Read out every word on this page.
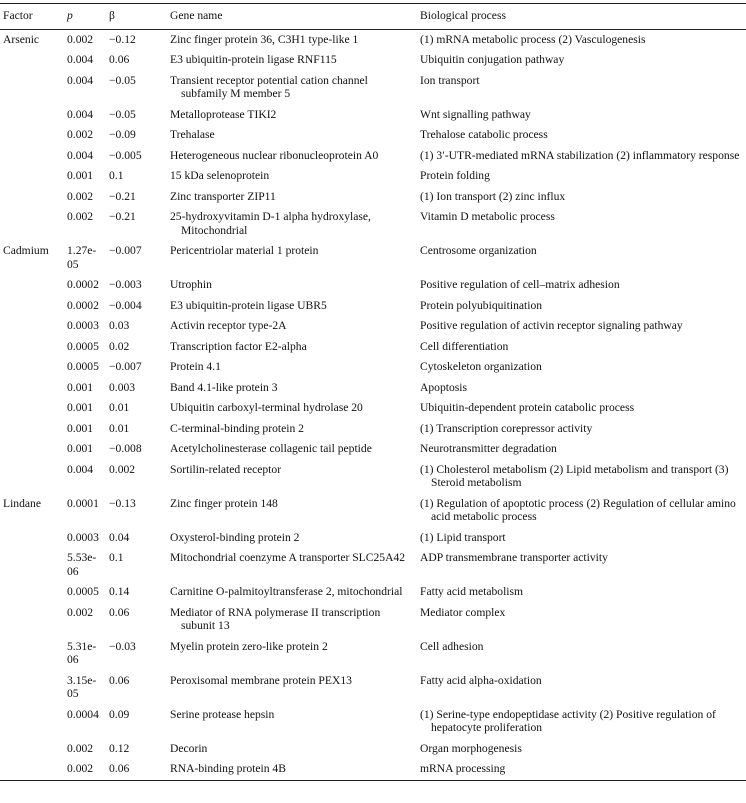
Factor	p	β	Gene name	Biological process
Arsenic	0.002	−0.12	Zinc finger protein 36, C3H1 type-like 1	(1) mRNA metabolic process (2) Vasculogenesis
	0.004	0.06	E3 ubiquitin-protein ligase RNF115	Ubiquitin conjugation pathway
	0.004	−0.05	Transient receptor potential cation channel subfamily M member 5	Ion transport
	0.004	−0.05	Metalloprotease TIKI2	Wnt signalling pathway
	0.002	−0.09	Trehalase	Trehalose catabolic process
	0.004	−0.005	Heterogeneous nuclear ribonucleoprotein A0	(1) 3′-UTR-mediated mRNA stabilization (2) inflammatory response
	0.001	0.1	15 kDa selenoprotein	Protein folding
	0.002	−0.21	Zinc transporter ZIP11	(1) Ion transport (2) zinc influx
	0.002	−0.21	25-hydroxyvitamin D-1 alpha hydroxylase, Mitochondrial	Vitamin D metabolic process
Cadmium	1.27e-05	−0.007	Pericentriolar material 1 protein	Centrosome organization
	0.0002	−0.003	Utrophin	Positive regulation of cell–matrix adhesion
	0.0002	−0.004	E3 ubiquitin-protein ligase UBR5	Protein polyubiquitination
	0.0003	0.03	Activin receptor type-2A	Positive regulation of activin receptor signaling pathway
	0.0005	0.02	Transcription factor E2-alpha	Cell differentiation
	0.0005	−0.007	Protein 4.1	Cytoskeleton organization
	0.001	0.003	Band 4.1-like protein 3	Apoptosis
	0.001	0.01	Ubiquitin carboxyl-terminal hydrolase 20	Ubiquitin-dependent protein catabolic process
	0.001	0.01	C-terminal-binding protein 2	(1) Transcription corepressor activity
	0.001	−0.008	Acetylcholinesterase collagenic tail peptide	Neurotransmitter degradation
	0.004	0.002	Sortilin-related receptor	(1) Cholesterol metabolism (2) Lipid metabolism and transport (3) Steroid metabolism
Lindane	0.0001	−0.13	Zinc finger protein 148	(1) Regulation of apoptotic process (2) Regulation of cellular amino acid metabolic process
	0.0003	0.04	Oxysterol-binding protein 2	(1) Lipid transport
	5.53e-06	0.1	Mitochondrial coenzyme A transporter SLC25A42	ADP transmembrane transporter activity
	0.0005	0.14	Carnitine O-palmitoyltransferase 2, mitochondrial	Fatty acid metabolism
	0.002	0.06	Mediator of RNA polymerase II transcription subunit 13	Mediator complex
	5.31e-06	−0.03	Myelin protein zero-like protein 2	Cell adhesion
	3.15e-05	0.06	Peroxisomal membrane protein PEX13	Fatty acid alpha-oxidation
	0.0004	0.09	Serine protease hepsin	(1) Serine-type endopeptidase activity (2) Positive regulation of hepatocyte proliferation
	0.002	0.12	Decorin	Organ morphogenesis
	0.002	0.06	RNA-binding protein 4B	mRNA processing
